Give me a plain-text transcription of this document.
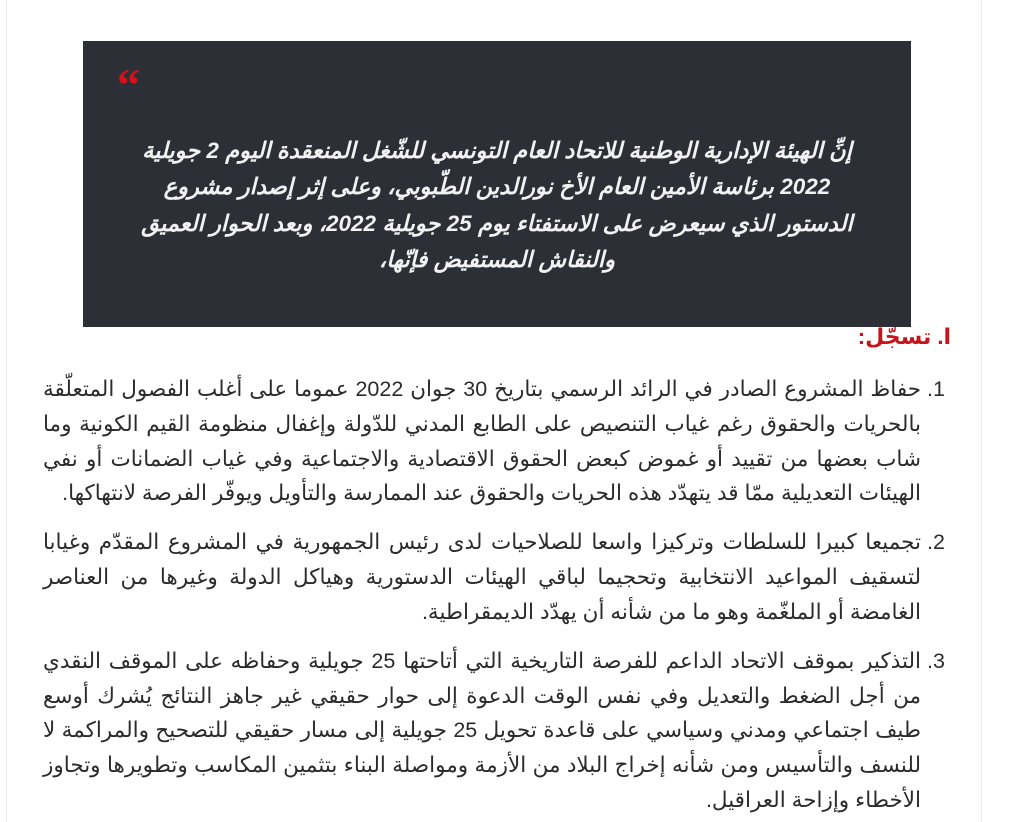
“

إنِّ الهيئة الإدارية الوطنية للاتحاد العام التونسي للشّغل المنعقدة اليوم 2 جويلية 2022 برئاسة الأمين العام الأخ نورالدين الطّبوبي، وعلى إثر إصدار مشروع الدستور الذي سيعرض على الاستفتاء يوم 25 جويلية 2022، وبعد الحوار العميق والنقاش المستفيض فإنّها،

ا. تسجّل:
1. حفاظ المشروع الصادر في الرائد الرسمي بتاريخ 30 جوان 2022 عموما على أغلب الفصول المتعلّقة بالحريات والحقوق رغم غياب التنصيص على الطابع المدني للدّولة وإغفال منظومة القيم الكونية وما شاب بعضها من تقييد أو غموض كبعض الحقوق الاقتصادية والاجتماعية وفي غياب الضمانات أو نفي الهيئات التعديلية ممّا قد يتهدّد هذه الحريات والحقوق عند الممارسة والتأويل ويوفّر الفرصة لانتهاكها.
2. تجميعا كبيرا للسلطات وتركيزا واسعا للصلاحيات لدى رئيس الجمهورية في المشروع المقدّم وغيابا لتسقيف المواعيد الانتخابية وتحجيما لباقي الهيئات الدستورية وهياكل الدولة وغيرها من العناصر الغامضة أو الملغّمة وهو ما من شأنه أن يهدّد الديمقراطية.
3. التذكير بموقف الاتحاد الداعم للفرصة التاريخية التي أتاحتها 25 جويلية وحفاظه على الموقف النقدي من أجل الضغط والتعديل وفي نفس الوقت الدعوة إلى حوار حقيقي غير جاهز النتائج يُشرك أوسع طيف اجتماعي ومدني وسياسي على قاعدة تحويل 25 جويلية إلى مسار حقيقي للتصحيح والمراكمة لا للنسف والتأسيس ومن شأنه إخراج البلاد من الأزمة ومواصلة البناء بتثمين المكاسب وتطويرها وتجاوز الأخطاء وإزاحة العراقيل.
